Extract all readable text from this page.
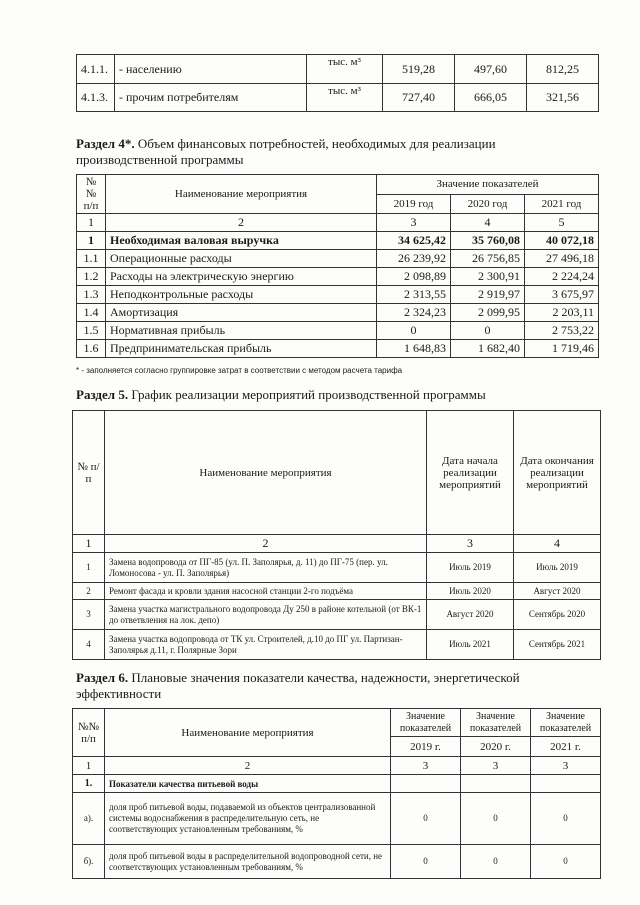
4.1.1.	- населению	тыс. м³	519,28	497,60	812,25
4.1.3.	- прочим потребителям	тыс. м³	727,40	666,05	321,56
Раздел 4*. Объем финансовых потребностей, необходимых для реализации производственной программы
№№ п/п	Наименование мероприятия	Значение показателей		
		2019 год	2020 год	2021 год
1	2	3	4	5
1	Необходимая валовая выручка	34 625,42	35 760,08	40 072,18
1.1	Операционные расходы	26 239,92	26 756,85	27 496,18
1.2	Расходы на электрическую энергию	2 098,89	2 300,91	2 224,24
1.3	Неподконтрольные расходы	2 313,55	2 919,97	3 675,97
1.4	Амортизация	2 324,23	2 099,95	2 203,11
1.5	Нормативная прибыль	0	0	2 753,22
1.6	Предпринимательская прибыль	1 648,83	1 682,40	1 719,46
* - заполняется согласно группировке затрат в соответствии с методом расчета тарифа
Раздел 5. График реализации мероприятий производственной программы
№ п/п	Наименование мероприятия	Дата начала реализации мероприятий	Дата окончания реализации мероприятий
1	2	3	4
1	Замена водопровода от ПГ-85 (ул. П. Заполярья, д. 11) до ПГ-75 (пер. ул. Ломоносова - ул. П. Заполярья)	Июль 2019	Июль 2019
2	Ремонт фасада и кровли здания насосной станции 2-го подъёма	Июль 2020	Август 2020
3	Замена участка магистрального водопровода Ду 250 в районе котельной (от ВК-1 до ответвления на лок. депо)	Август 2020	Сентябрь 2020
4	Замена участка водопровода от ТК ул. Строителей, д.10 до ПГ ул. Партизан-Заполярья д.11, г. Полярные Зори	Июль 2021	Сентябрь 2021
Раздел 6. Плановые значения показатели качества, надежности, энергетической эффективности
№№ п/п	Наименование мероприятия	Значение показателей	Значение показателей	Значение показателей
		2019 г.	2020 г.	2021 г.
1	2	3	3	3
1.	Показатели качества питьевой воды			
а).	доля проб питьевой воды, подаваемой из объектов централизованной системы водоснабжения в распределительную сеть, не соответствующих установленным требованиям, %	0	0	0
б).	доля проб питьевой воды в распределительной водопроводной сети, не соответствующих установленным требованиям, %	0	0	0
